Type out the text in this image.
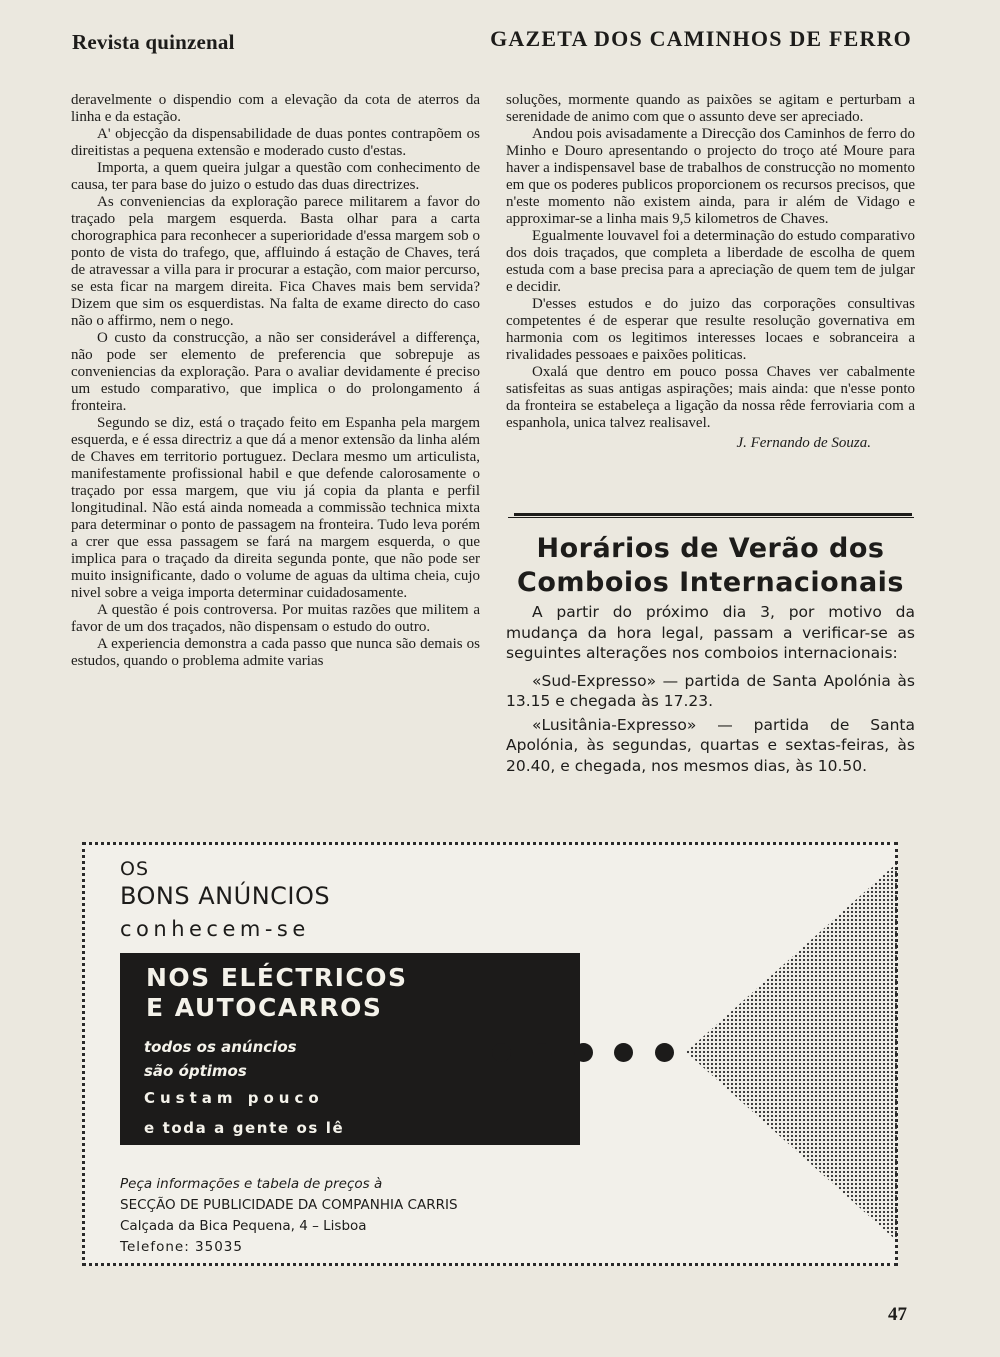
Revista quinzenal	GAZETA DOS CAMINHOS DE FERRO

deravelmente o dispendio com a elevação da cota de aterros da linha e da estação.

A' objecção da dispensabilidade de duas pontes contrapõem os direitistas a pequena extensão e moderado custo d'estas.

Importa, a quem queira julgar a questão com conhecimento de causa, ter para base do juizo o estudo das duas directrizes.

As conveniencias da exploração parece militarem a favor do traçado pela margem esquerda. Basta olhar para a carta chorographica para reconhecer a superioridade d'essa margem sob o ponto de vista do trafego, que, affluindo á estação de Chaves, terá de atravessar a villa para ir procurar a estação, com maior percurso, se esta ficar na margem direita. Fica Chaves mais bem servida? Dizem que sim os esquerdistas. Na falta de exame directo do caso não o affirmo, nem o nego.

O custo da construcção, a não ser considerável a differença, não pode ser elemento de preferencia que sobrepuje as conveniencias da exploração. Para o avaliar devidamente é preciso um estudo comparativo, que implica o do prolongamento á fronteira.

Segundo se diz, está o traçado feito em Espanha pela margem esquerda, e é essa directriz a que dá a menor extensão da linha além de Chaves em territorio portuguez. Declara mesmo um articulista, manifestamente profissional habil e que defende calorosamente o traçado por essa margem, que viu já copia da planta e perfil longitudinal. Não está ainda nomeada a commissão technica mixta para determinar o ponto de passagem na fronteira. Tudo leva porém a crer que essa passagem se fará na margem esquerda, o que implica para o traçado da direita segunda ponte, que não pode ser muito insignificante, dado o volume de aguas da ultima cheia, cujo nivel sobre a veiga importa determinar cuidadosamente.

A questão é pois controversa. Por muitas razões que militem a favor de um dos traçados, não dispensam o estudo do outro.

A experiencia demonstra a cada passo que nunca são demais os estudos, quando o problema admite varias

soluções, mormente quando as paixões se agitam e perturbam a serenidade de animo com que o assunto deve ser apreciado.

Andou pois avisadamente a Direcção dos Caminhos de ferro do Minho e Douro apresentando o projecto do troço até Moure para haver a indispensavel base de trabalhos de construcção no momento em que os poderes publicos proporcionem os recursos precisos, que n'este momento não existem ainda, para ir além de Vidago e approximar-se a linha mais 9,5 kilometros de Chaves.

Egualmente louvavel foi a determinação do estudo comparativo dos dois traçados, que completa a liberdade de escolha de quem estuda com a base precisa para a apreciação de quem tem de julgar e decidir.

D'esses estudos e do juizo das corporações consultivas competentes é de esperar que resulte resolução governativa em harmonia com os legitimos interesses locaes e sobranceira a rivalidades pessoaes e paixões politicas.

Oxalá que dentro em pouco possa Chaves ver cabalmente satisfeitas as suas antigas aspirações; mais ainda: que n'esse ponto da fronteira se estabeleça a ligação da nossa rêde ferroviaria com a espanhola, unica talvez realisavel.

J. Fernando de Souza.
Horários de Verão dos
Comboios Internacionais

A partir do próximo dia 3, por motivo da mudança da hora legal, passam a verificar-se as seguintes alterações nos comboios internacionais:

«Sud-Expresso» — partida de Santa Apolónia às 13.15 e chegada às 17.23.

«Lusitânia-Expresso» — partida de Santa Apolónia, às segundas, quartas e sextas-feiras, às 20.40, e chegada, nos mesmos dias, às 10.50.

OS
BONS ANÚNCIOS
conhecem-se
NOS ELÉCTRICOS
E AUTOCARROS
todos os anúncios
são óptimos
Custam pouco
e toda a gente os lê
Peça informações e tabela de preços à
SECÇÃO DE PUBLICIDADE DA COMPANHIA CARRIS
Calçada da Bica Pequena, 4 – Lisboa
Telefone: 35035
47
